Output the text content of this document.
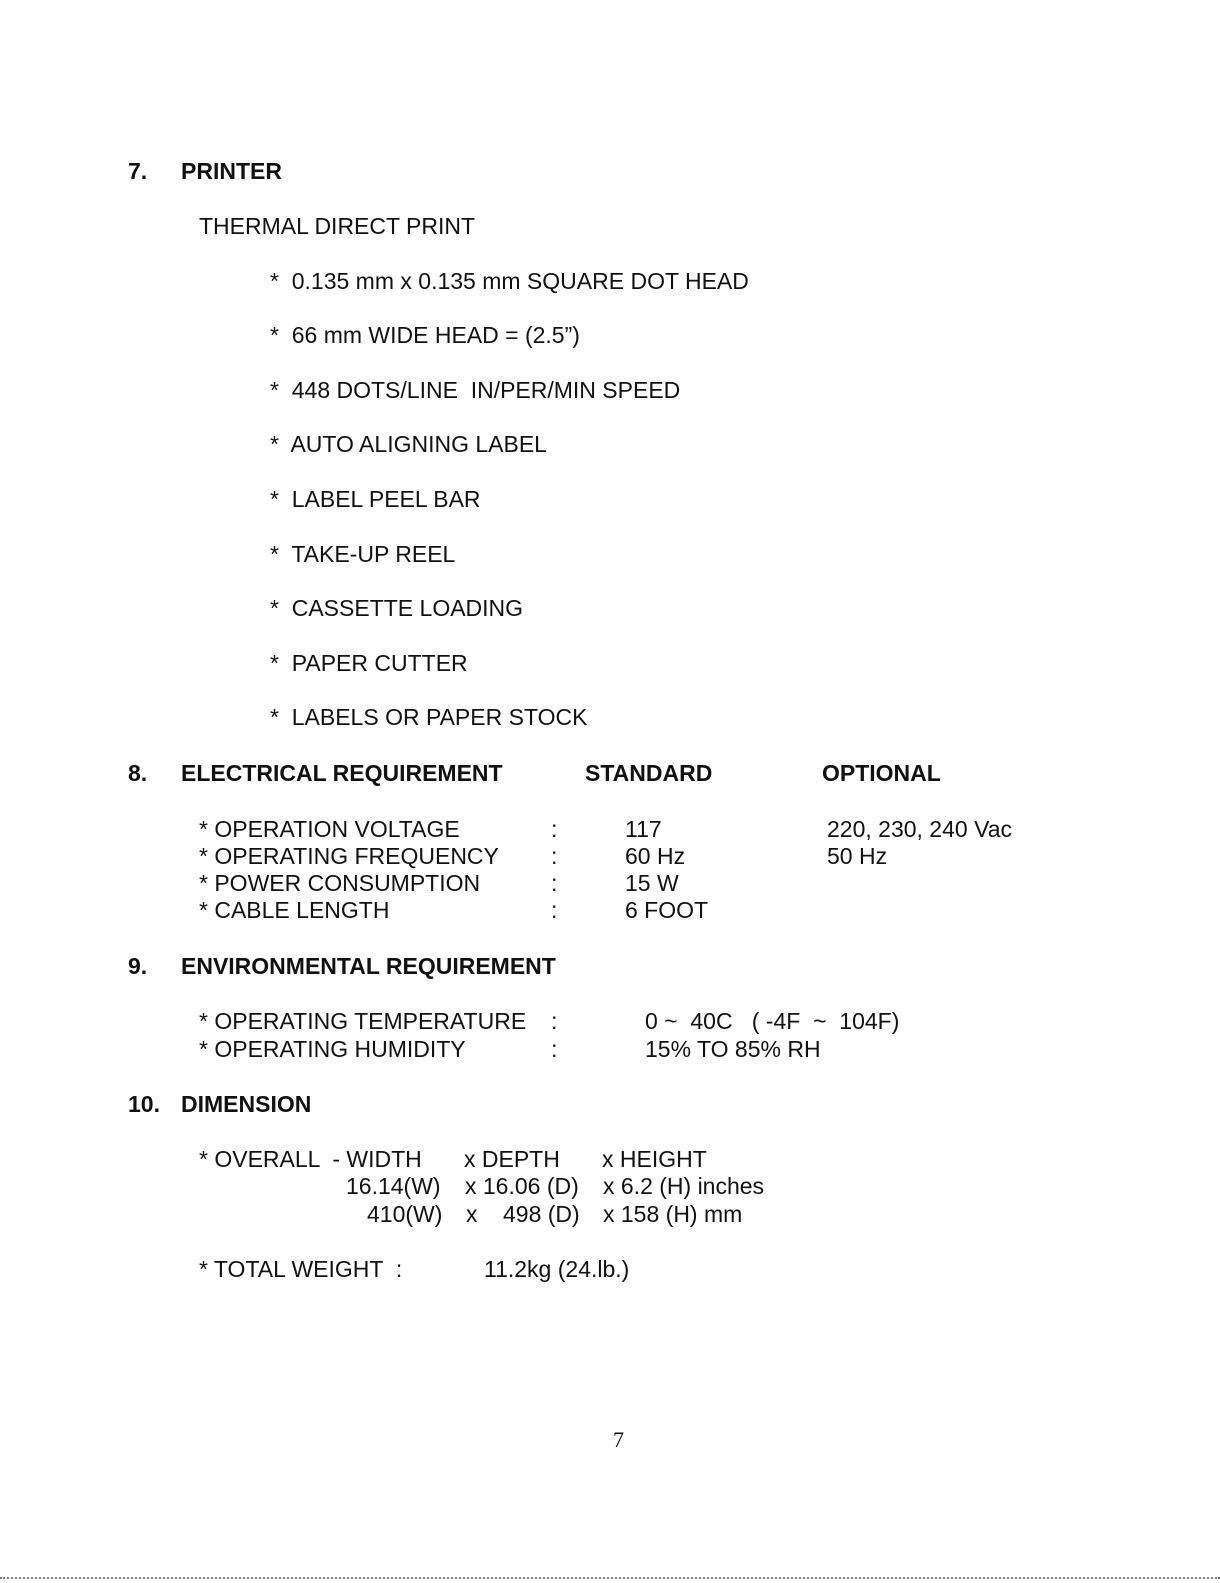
7. PRINTER
THERMAL DIRECT PRINT
*  0.135 mm x 0.135 mm SQUARE DOT HEAD
*  66 mm WIDE HEAD = (2.5”)
*  448 DOTS/LINE  IN/PER/MIN SPEED
*  AUTO ALIGNING LABEL
*  LABEL PEEL BAR
*  TAKE-UP REEL
*  CASSETTE LOADING
*  PAPER CUTTER
*  LABELS OR PAPER STOCK
8. ELECTRICAL REQUIREMENT	STANDARD	OPTIONAL
* OPERATION VOLTAGE	:	117	220, 230, 240 Vac
* OPERATING FREQUENCY :	60 Hz	50 Hz
* POWER CONSUMPTION	:	15 W
* CABLE LENGTH	:	6 FOOT
9. ENVIRONMENTAL REQUIREMENT
* OPERATING TEMPERATURE :	0 ~  40C   ( -4F  ~  104F)
* OPERATING HUMIDITY	:	15% TO 85% RH
10. DIMENSION
* OVERALL  - WIDTH x DEPTH x HEIGHT
16.14(W) x 16.06 (D) x 6.2 (H) inches
410(W) x 498 (D) x 158 (H) mm
* TOTAL WEIGHT  :	11.2kg (24.lb.)
7
